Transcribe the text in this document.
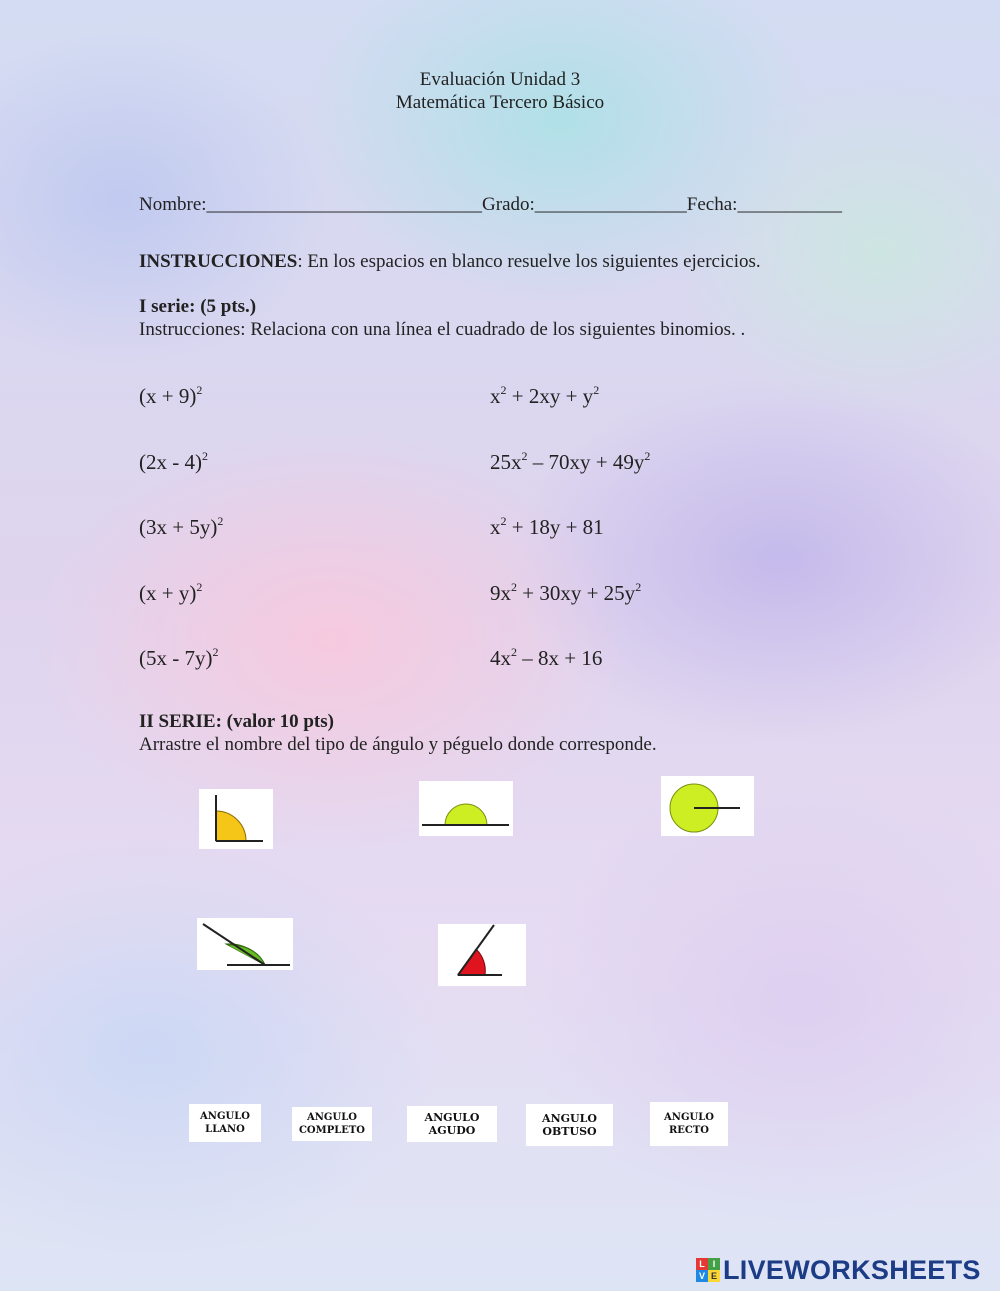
Evaluación Unidad 3
Matemática Tercero Básico
Nombre:_____________________________Grado:________________Fecha:___________
INSTRUCCIONES: En los espacios en blanco resuelve los siguientes ejercicios.
I serie: (5 pts.)
Instrucciones: Relaciona con una línea el cuadrado de los siguientes binomios. .
$(x + 9)^2$
(2x - 4)$^2$
$(3x + 5y)^2$
$(x + y)^2$
(5x - 7y)$^2$
$x^2 + 2xy + y^2$
$25x^2 - 70xy + 49y^2$
$x^2 + 18y + 81$
$9x^2 + 30xy + 25y^2$
$4x^2 - 8x + 16$
II SERIE: (valor 10 pts)
Arrastre el nombre del tipo de ángulo y péguelo donde corresponde.
ANGULO
LLANO
ANGULO
COMPLETO
ANGULO
AGUDO
ANGULO
OBTUSO
ANGULO
RECTO
L I
V E LIVEWORKSHEETS
